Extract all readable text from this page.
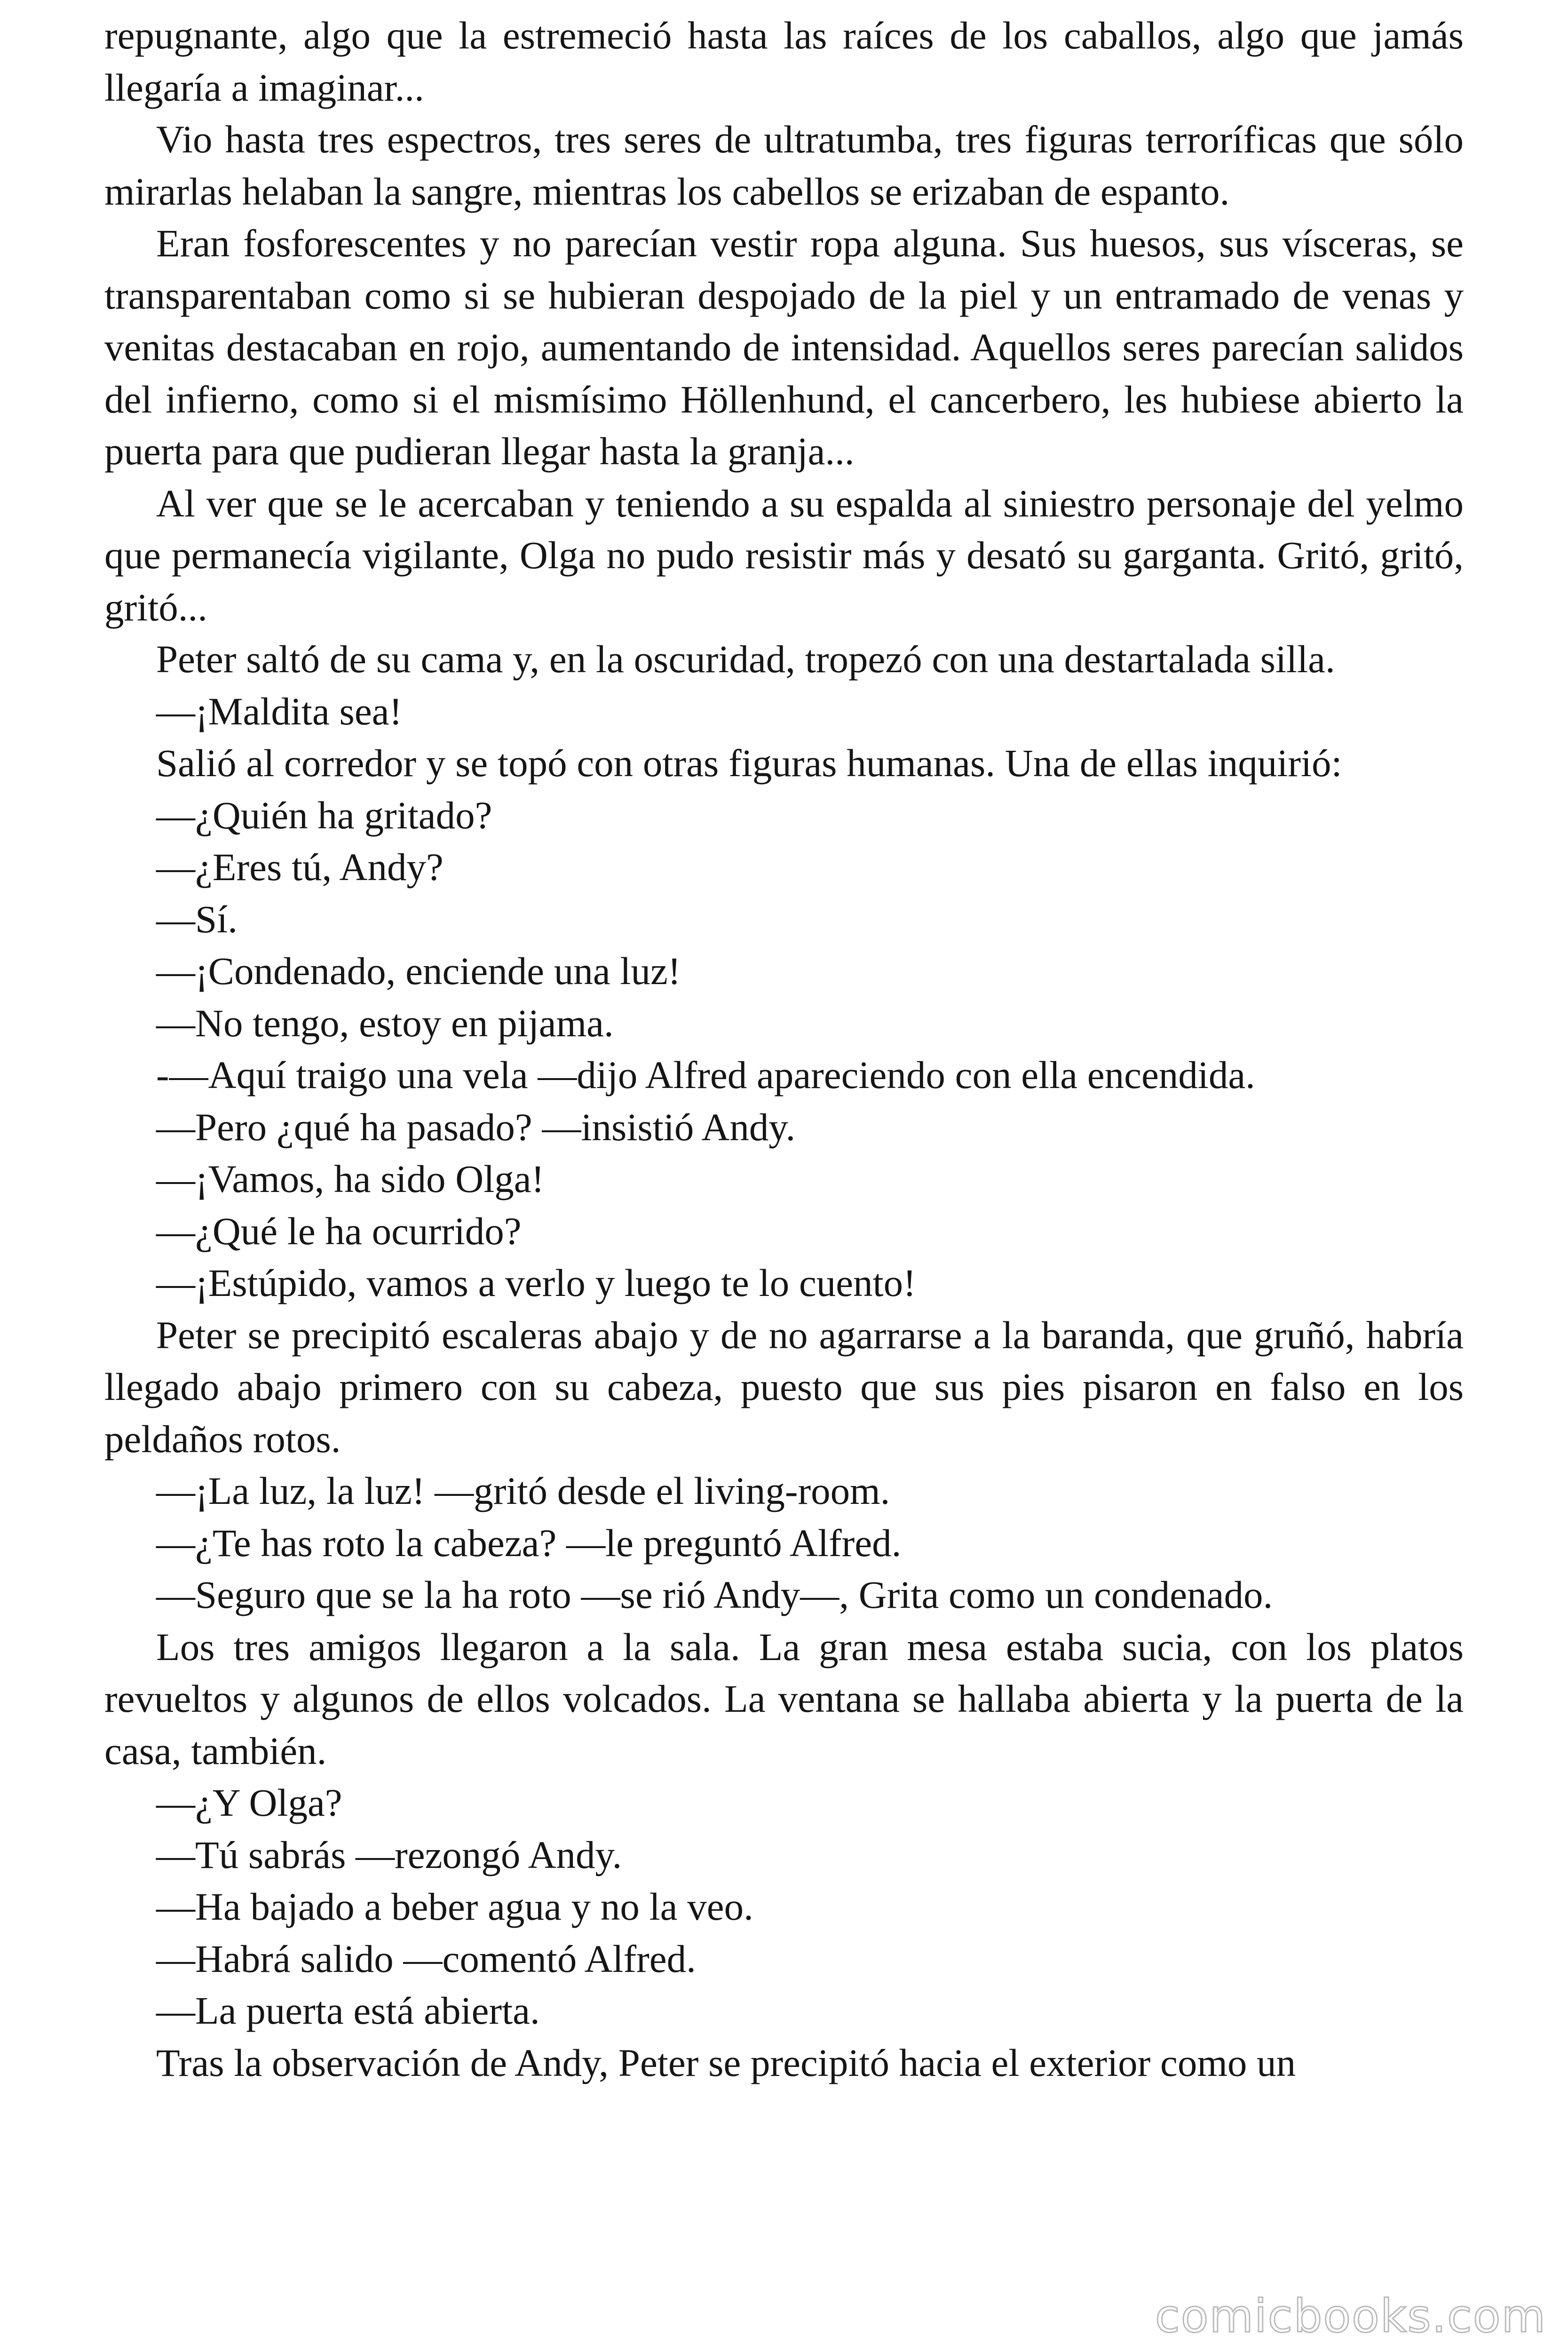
repugnante, algo que la estremeció hasta las raíces de los caballos, algo que jamás llegaría a imaginar...

Vio hasta tres espectros, tres seres de ultratumba, tres figuras terroríficas que sólo mirarlas helaban la sangre, mientras los cabellos se erizaban de espanto.

Eran fosforescentes y no parecían vestir ropa alguna. Sus huesos, sus vísceras, se transparentaban como si se hubieran despojado de la piel y un entramado de venas y venitas destacaban en rojo, aumentando de intensidad. Aquellos seres parecían salidos del infierno, como si el mismísimo Höllenhund, el cancerbero, les hubiese abierto la puerta para que pudieran llegar hasta la granja...

Al ver que se le acercaban y teniendo a su espalda al siniestro personaje del yelmo que permanecía vigilante, Olga no pudo resistir más y desató su garganta. Gritó, gritó, gritó...

Peter saltó de su cama y, en la oscuridad, tropezó con una destartalada silla.

—¡Maldita sea!

Salió al corredor y se topó con otras figuras humanas. Una de ellas inquirió:

—¿Quién ha gritado?

—¿Eres tú, Andy?

—Sí.

—¡Condenado, enciende una luz!

—No tengo, estoy en pijama.

-—Aquí traigo una vela —dijo Alfred apareciendo con ella encendida.

—Pero ¿qué ha pasado? —insistió Andy.

—¡Vamos, ha sido Olga!

—¿Qué le ha ocurrido?

—¡Estúpido, vamos a verlo y luego te lo cuento!

Peter se precipitó escaleras abajo y de no agarrarse a la baranda, que gruñó, habría llegado abajo primero con su cabeza, puesto que sus pies pisaron en falso en los peldaños rotos.

—¡La luz, la luz! —gritó desde el living-room.

—¿Te has roto la cabeza? —le preguntó Alfred.

—Seguro que se la ha roto —se rió Andy—, Grita como un condenado.

Los tres amigos llegaron a la sala. La gran mesa estaba sucia, con los platos revueltos y algunos de ellos volcados. La ventana se hallaba abierta y la puerta de la casa, también.

—¿Y Olga?

—Tú sabrás —rezongó Andy.

—Ha bajado a beber agua y no la veo.

—Habrá salido —comentó Alfred.

—La puerta está abierta.

Tras la observación de Andy, Peter se precipitó hacia el exterior como un

comicbooks.com
